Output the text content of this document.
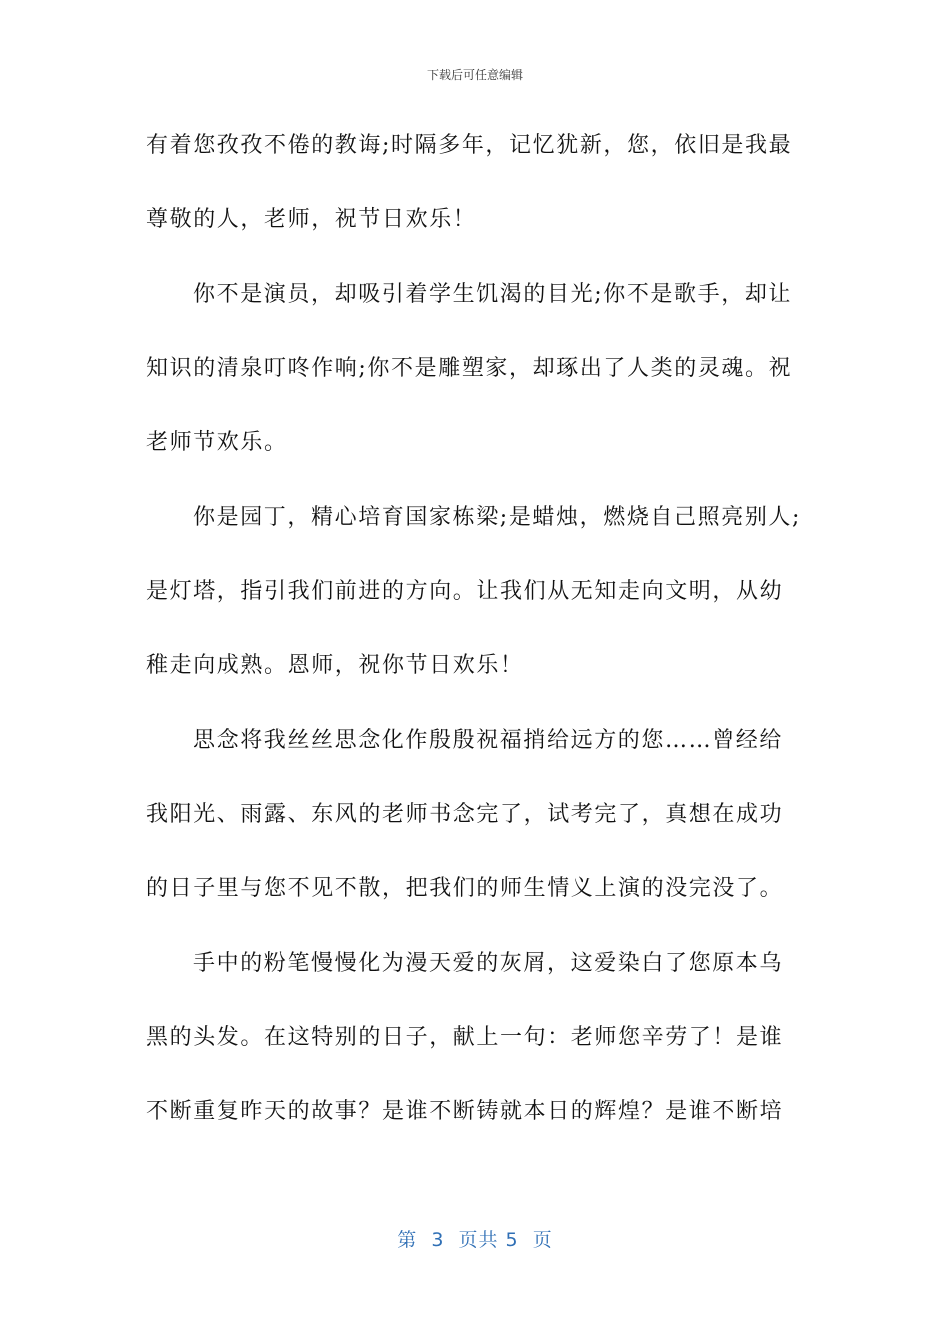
下载后可任意编辑
有着您孜孜不倦的教诲;时隔多年，记忆犹新，您，依旧是我最
尊敬的人，老师，祝节日欢乐！
你不是演员，却吸引着学生饥渴的目光;你不是歌手，却让
知识的清泉叮咚作响;你不是雕塑家，却琢出了人类的灵魂。祝
老师节欢乐。
你是园丁，精心培育国家栋梁;是蜡烛，燃烧自己照亮别人;
是灯塔，指引我们前进的方向。让我们从无知走向文明，从幼
稚走向成熟。恩师，祝你节日欢乐！
思念将我丝丝思念化作殷殷祝福捎给远方的您……曾经给
我阳光、雨露、东风的老师书念完了，试考完了，真想在成功
的日子里与您不见不散，把我们的师生情义上演的没完没了。
手中的粉笔慢慢化为漫天爱的灰屑，这爱染白了您原本乌
黑的头发。在这特别的日子，献上一句：老师您辛劳了！是谁
不断重复昨天的故事？是谁不断铸就本日的辉煌？是谁不断培
第  3  页共 5  页
